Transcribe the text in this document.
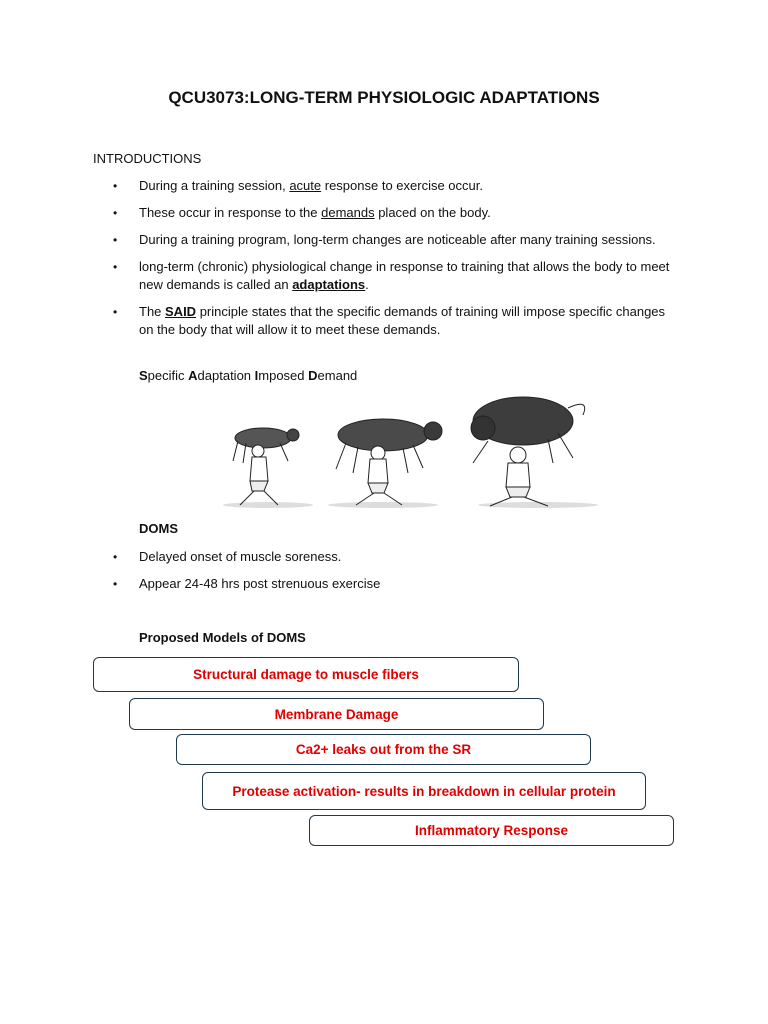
QCU3073:LONG-TERM PHYSIOLOGIC ADAPTATIONS
INTRODUCTIONS
• During a training session, acute response to exercise occur.
• These occur in response to the demands placed on the body.
• During a training program, long-term changes are noticeable after many training sessions.
• long-term (chronic) physiological change in response to training that allows the body to meet new demands is called an adaptations.
• The SAID principle states that the specific demands of training will impose specific changes on the body that will allow it to meet these demands.
Specific Adaptation Imposed Demand
DOMS
• Delayed onset of muscle soreness.
• Appear 24-48 hrs post strenuous exercise
Proposed Models of DOMS
Structural damage to muscle fibers
Membrane Damage
Ca2+ leaks out from the SR
Protease activation- results in breakdown in cellular protein
Inflammatory Response
